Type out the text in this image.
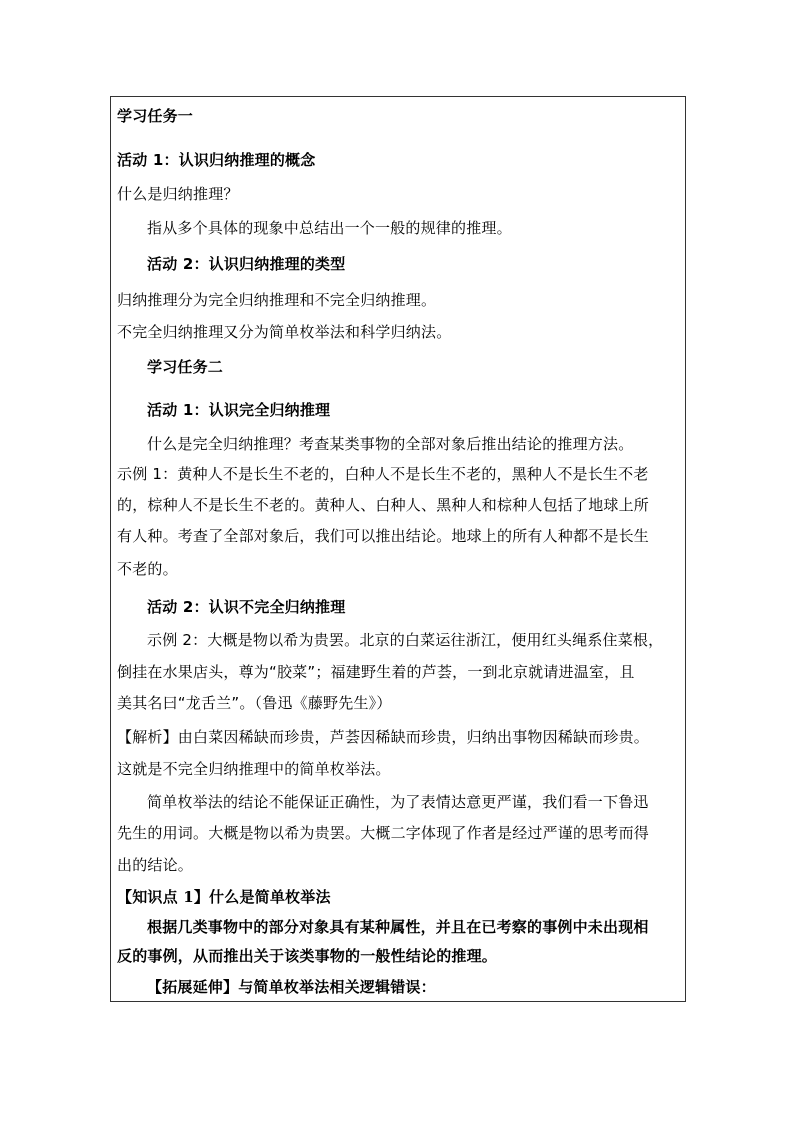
学习任务一
活动 1：认识归纳推理的概念
什么是归纳推理？
指从多个具体的现象中总结出一个一般的规律的推理。
活动 2：认识归纳推理的类型
归纳推理分为完全归纳推理和不完全归纳推理。
不完全归纳推理又分为简单枚举法和科学归纳法。
学习任务二
活动 1：认识完全归纳推理
什么是完全归纳推理？考查某类事物的全部对象后推出结论的推理方法。
示例 1：黄种人不是长生不老的，白种人不是长生不老的，黑种人不是长生不老
的，棕种人不是长生不老的。黄种人、白种人、黑种人和棕种人包括了地球上所
有人种。考查了全部对象后，我们可以推出结论。地球上的所有人种都不是长生
不老的。
活动 2：认识不完全归纳推理
示例 2：大概是物以希为贵罢。北京的白菜运往浙江，便用红头绳系住菜根，
倒挂在水果店头，尊为“胶菜”；福建野生着的芦荟，一到北京就请进温室，且
美其名曰“龙舌兰”。（鲁迅《藤野先生》）
【解析】由白菜因稀缺而珍贵，芦荟因稀缺而珍贵，归纳出事物因稀缺而珍贵。
这就是不完全归纳推理中的简单枚举法。
简单枚举法的结论不能保证正确性，为了表情达意更严谨，我们看一下鲁迅
先生的用词。大概是物以希为贵罢。大概二字体现了作者是经过严谨的思考而得
出的结论。
【知识点 1】什么是简单枚举法
根据几类事物中的部分对象具有某种属性，并且在已考察的事例中未出现相
反的事例，从而推出关于该类事物的一般性结论的推理。
【拓展延伸】与简单枚举法相关逻辑错误：
